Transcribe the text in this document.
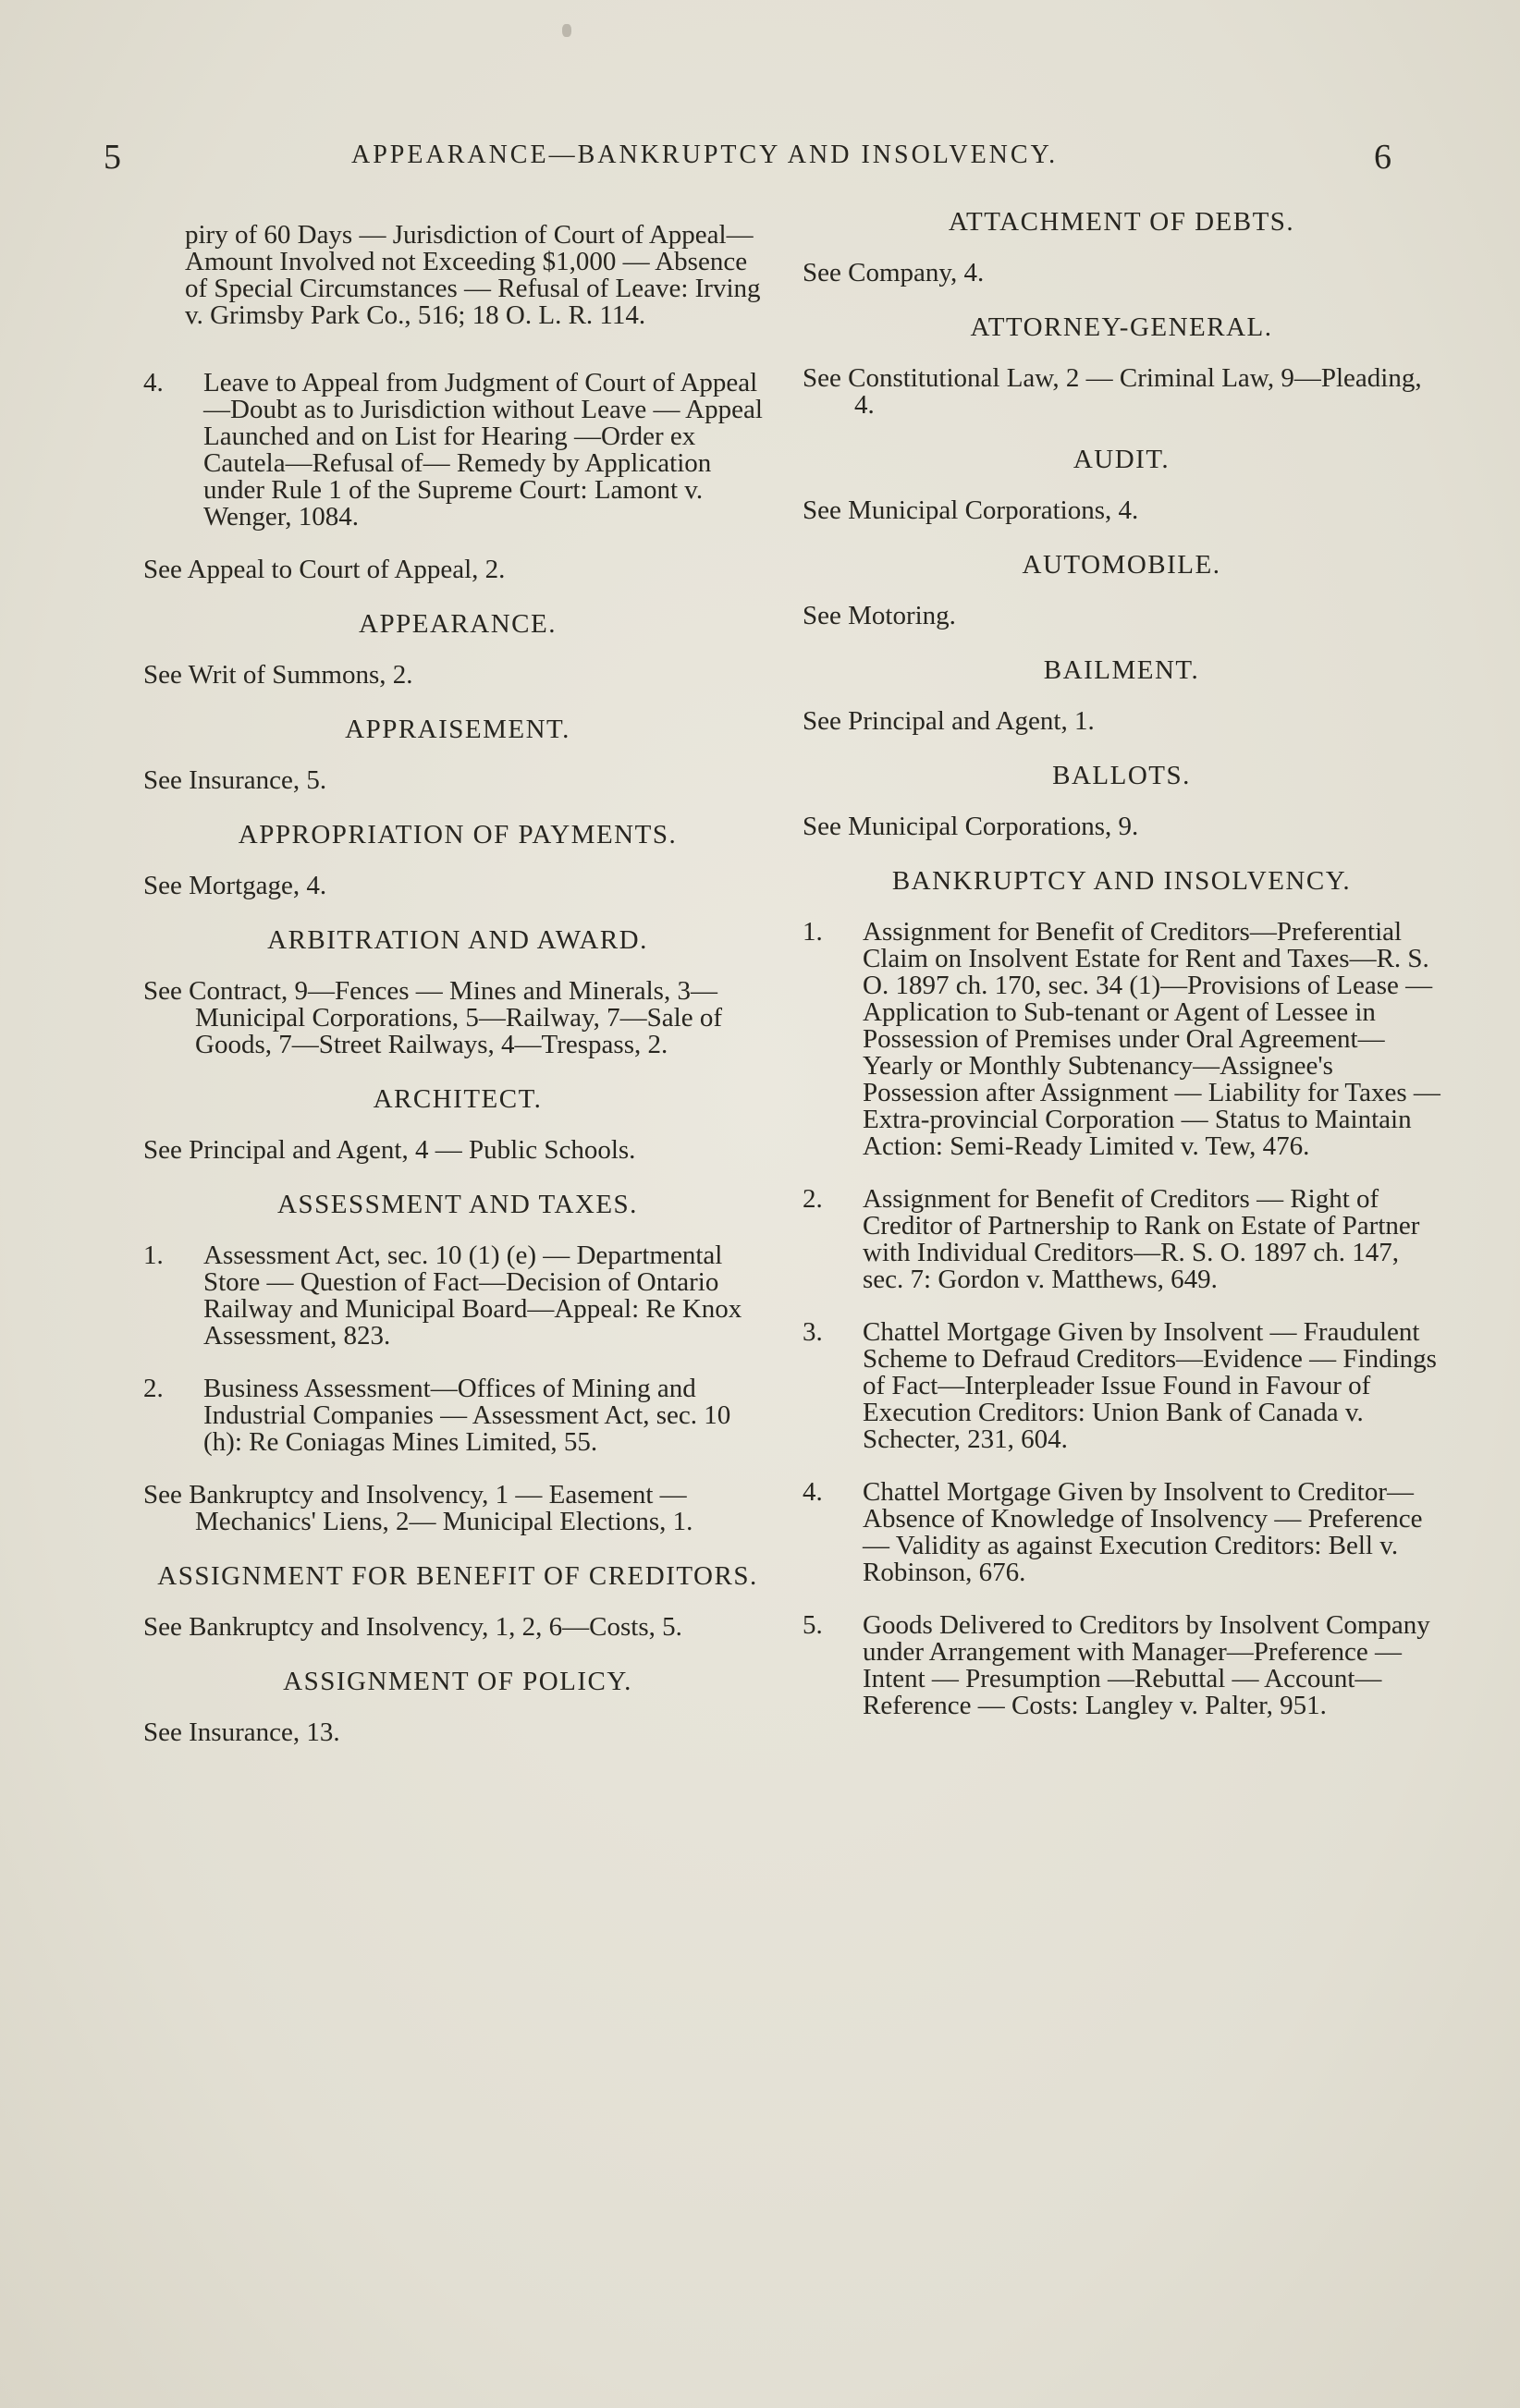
5	APPEARANCE—BANKRUPTCY AND INSOLVENCY.	6

piry of 60 Days — Jurisdiction of Court of Appeal—Amount Involved not Exceeding $1,000 — Absence of Special Circumstances — Refusal of Leave: Irving v. Grimsby Park Co., 516; 18 O. L. R. 114.

4. Leave to Appeal from Judgment of Court of Appeal—Doubt as to Jurisdiction without Leave — Appeal Launched and on List for Hearing —Order ex Cautela—Refusal of— Remedy by Application under Rule 1 of the Supreme Court: Lamont v. Wenger, 1084.

See Appeal to Court of Appeal, 2.

APPEARANCE.

See Writ of Summons, 2.

APPRAISEMENT.

See Insurance, 5.

APPROPRIATION OF PAYMENTS.

See Mortgage, 4.

ARBITRATION AND AWARD.

See Contract, 9—Fences — Mines and Minerals, 3—Municipal Corporations, 5—Railway, 7—Sale of Goods, 7—Street Railways, 4—Trespass, 2.

ARCHITECT.

See Principal and Agent, 4 — Public Schools.

ASSESSMENT AND TAXES.
1. Assessment Act, sec. 10 (1) (e) — Departmental Store — Question of Fact—Decision of Ontario Railway and Municipal Board—Appeal: Re Knox Assessment, 823.
2. Business Assessment—Offices of Mining and Industrial Companies — Assessment Act, sec. 10 (h): Re Coniagas Mines Limited, 55.

See Bankruptcy and Insolvency, 1 — Easement — Mechanics' Liens, 2— Municipal Elections, 1.

ASSIGNMENT FOR BENEFIT OF CREDITORS.

See Bankruptcy and Insolvency, 1, 2, 6—Costs, 5.

ASSIGNMENT OF POLICY.

See Insurance, 13.

ATTACHMENT OF DEBTS.

See Company, 4.

ATTORNEY-GENERAL.

See Constitutional Law, 2 — Criminal Law, 9—Pleading, 4.

AUDIT.

See Municipal Corporations, 4.

AUTOMOBILE.

See Motoring.

BAILMENT.

See Principal and Agent, 1.

BALLOTS.

See Municipal Corporations, 9.

BANKRUPTCY AND INSOLVENCY.
1. Assignment for Benefit of Creditors—Preferential Claim on Insolvent Estate for Rent and Taxes—R. S. O. 1897 ch. 170, sec. 34 (1)—Provisions of Lease — Application to Sub-tenant or Agent of Lessee in Possession of Premises under Oral Agreement—Yearly or Monthly Subtenancy—Assignee's Possession after Assignment — Liability for Taxes — Extra-provincial Corporation — Status to Maintain Action: Semi-Ready Limited v. Tew, 476.
2. Assignment for Benefit of Creditors — Right of Creditor of Partnership to Rank on Estate of Partner with Individual Creditors—R. S. O. 1897 ch. 147, sec. 7: Gordon v. Matthews, 649.
3. Chattel Mortgage Given by Insolvent — Fraudulent Scheme to Defraud Creditors—Evidence — Findings of Fact—Interpleader Issue Found in Favour of Execution Creditors: Union Bank of Canada v. Schecter, 231, 604.
4. Chattel Mortgage Given by Insolvent to Creditor—Absence of Knowledge of Insolvency — Preference — Validity as against Execution Creditors: Bell v. Robinson, 676.
5. Goods Delivered to Creditors by Insolvent Company under Arrangement with Manager—Preference — Intent — Presumption —Rebuttal — Account—Reference — Costs: Langley v. Palter, 951.
